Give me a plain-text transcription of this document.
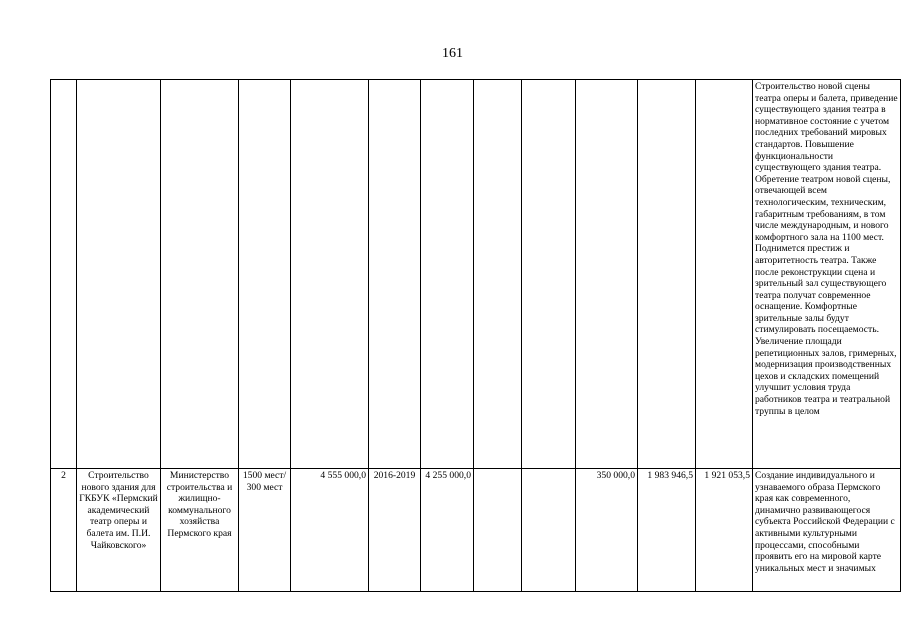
161
												Строительство новой сцены театра оперы и балета, приведение существующего здания театра в нормативное состояние с учетом последних требований мировых стандартов. Повышение функциональности существующего здания театра. Обретение театром новой сцены, отвечающей всем технологическим, техническим, габаритным требованиям, в том числе международным, и нового комфортного зала на 1100 мест. Поднимется престиж и авторитетность театра. Также после реконструкции сцена и зрительный зал существующего театра получат современное оснащение. Комфортные зрительные залы будут стимулировать посещаемость. Увеличение площади репетиционных залов, гримерных, модернизация производственных цехов и складских помещений улучшит условия труда работников театра и театральной труппы в целом
2	Строительство нового здания для ГКБУК «Пермский академический театр оперы и балета им. П.И. Чайковского»	Министерство строительства и жилищно-коммунального хозяйства Пермского края	1500 мест/ 300 мест	4 555 000,0	2016-2019	4 255 000,0			350 000,0	1 983 946,5	1 921 053,5	Создание индивидуального и узнаваемого образа Пермского края как современного, динамично развивающегося субъекта Российской Федерации с активными культурными процессами, способными проявить его на мировой карте уникальных мест и значимых
